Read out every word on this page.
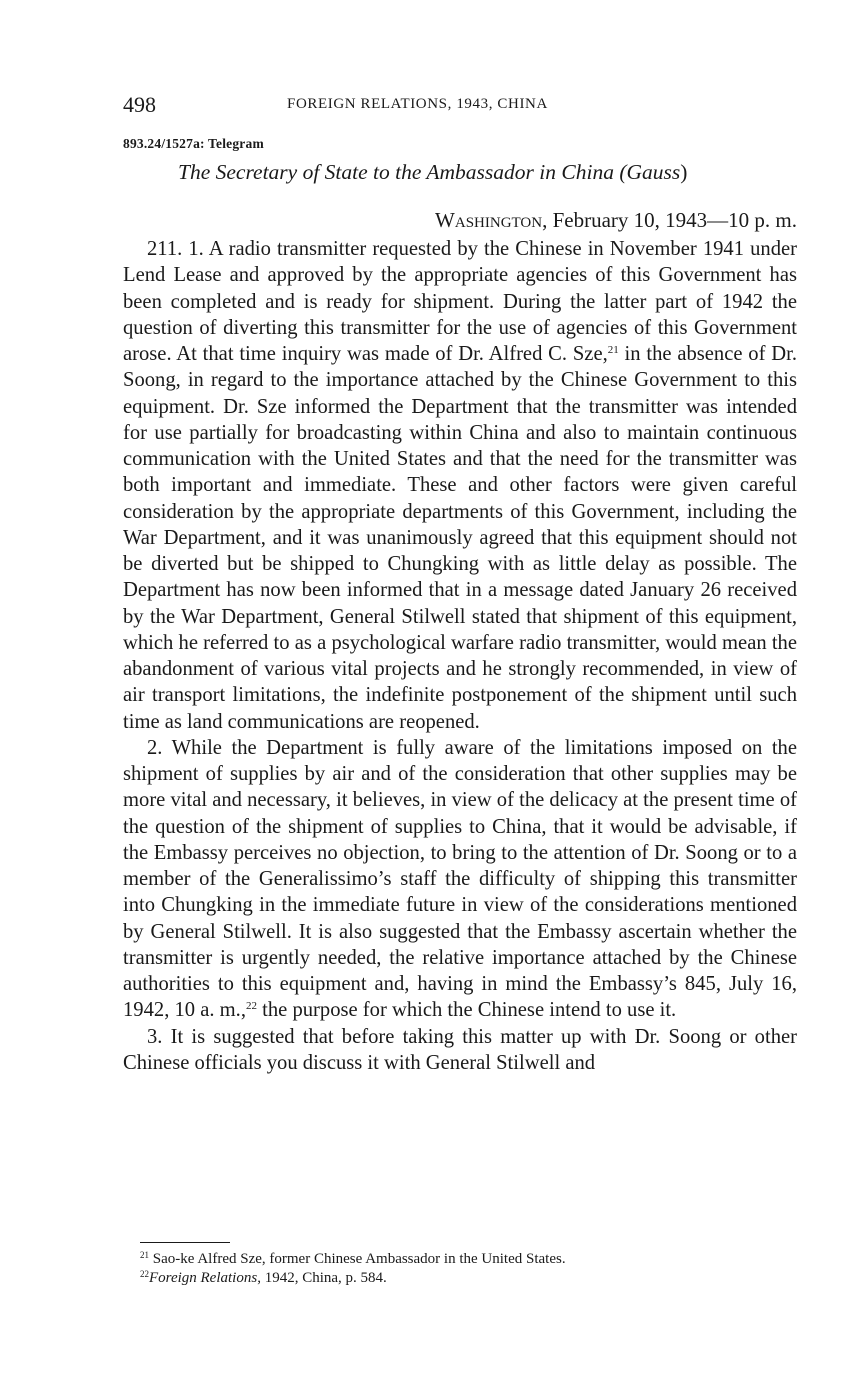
498	FOREIGN RELATIONS, 1943, CHINA
893.24/1527a: Telegram
The Secretary of State to the Ambassador in China (Gauss)
Washington, February 10, 1943—10 p. m.

211. 1. A radio transmitter requested by the Chinese in November 1941 under Lend Lease and approved by the appropriate agencies of this Government has been completed and is ready for shipment. During the latter part of 1942 the question of diverting this transmitter for the use of agencies of this Government arose. At that time inquiry was made of Dr. Alfred C. Sze,$^{21}$ in the absence of Dr. Soong, in regard to the importance attached by the Chinese Government to this equipment. Dr. Sze informed the Department that the transmitter was intended for use partially for broadcasting within China and also to maintain continuous communication with the United States and that the need for the transmitter was both important and immediate. These and other factors were given careful consideration by the appropriate departments of this Government, including the War Department, and it was unanimously agreed that this equipment should not be diverted but be shipped to Chungking with as little delay as possible. The Department has now been informed that in a message dated January 26 received by the War Department, General Stilwell stated that shipment of this equipment, which he referred to as a psychological warfare radio transmitter, would mean the abandonment of various vital projects and he strongly recommended, in view of air transport limitations, the indefinite postponement of the shipment until such time as land communications are reopened.

2. While the Department is fully aware of the limitations imposed on the shipment of supplies by air and of the consideration that other supplies may be more vital and necessary, it believes, in view of the delicacy at the present time of the question of the shipment of supplies to China, that it would be advisable, if the Embassy perceives no objection, to bring to the attention of Dr. Soong or to a member of the Generalissimo’s staff the difficulty of shipping this transmitter into Chungking in the immediate future in view of the considerations mentioned by General Stilwell. It is also suggested that the Embassy ascertain whether the transmitter is urgently needed, the relative importance attached by the Chinese authorities to this equipment and, having in mind the Embassy’s 845, July 16, 1942, 10 a. m.,$^{22}$ the purpose for which the Chinese intend to use it.

3. It is suggested that before taking this matter up with Dr. Soong or other Chinese officials you discuss it with General Stilwell and

$^{21}$ Sao-ke Alfred Sze, former Chinese Ambassador in the United States.

$^{22}$Foreign Relations, 1942, China, p. 584.
